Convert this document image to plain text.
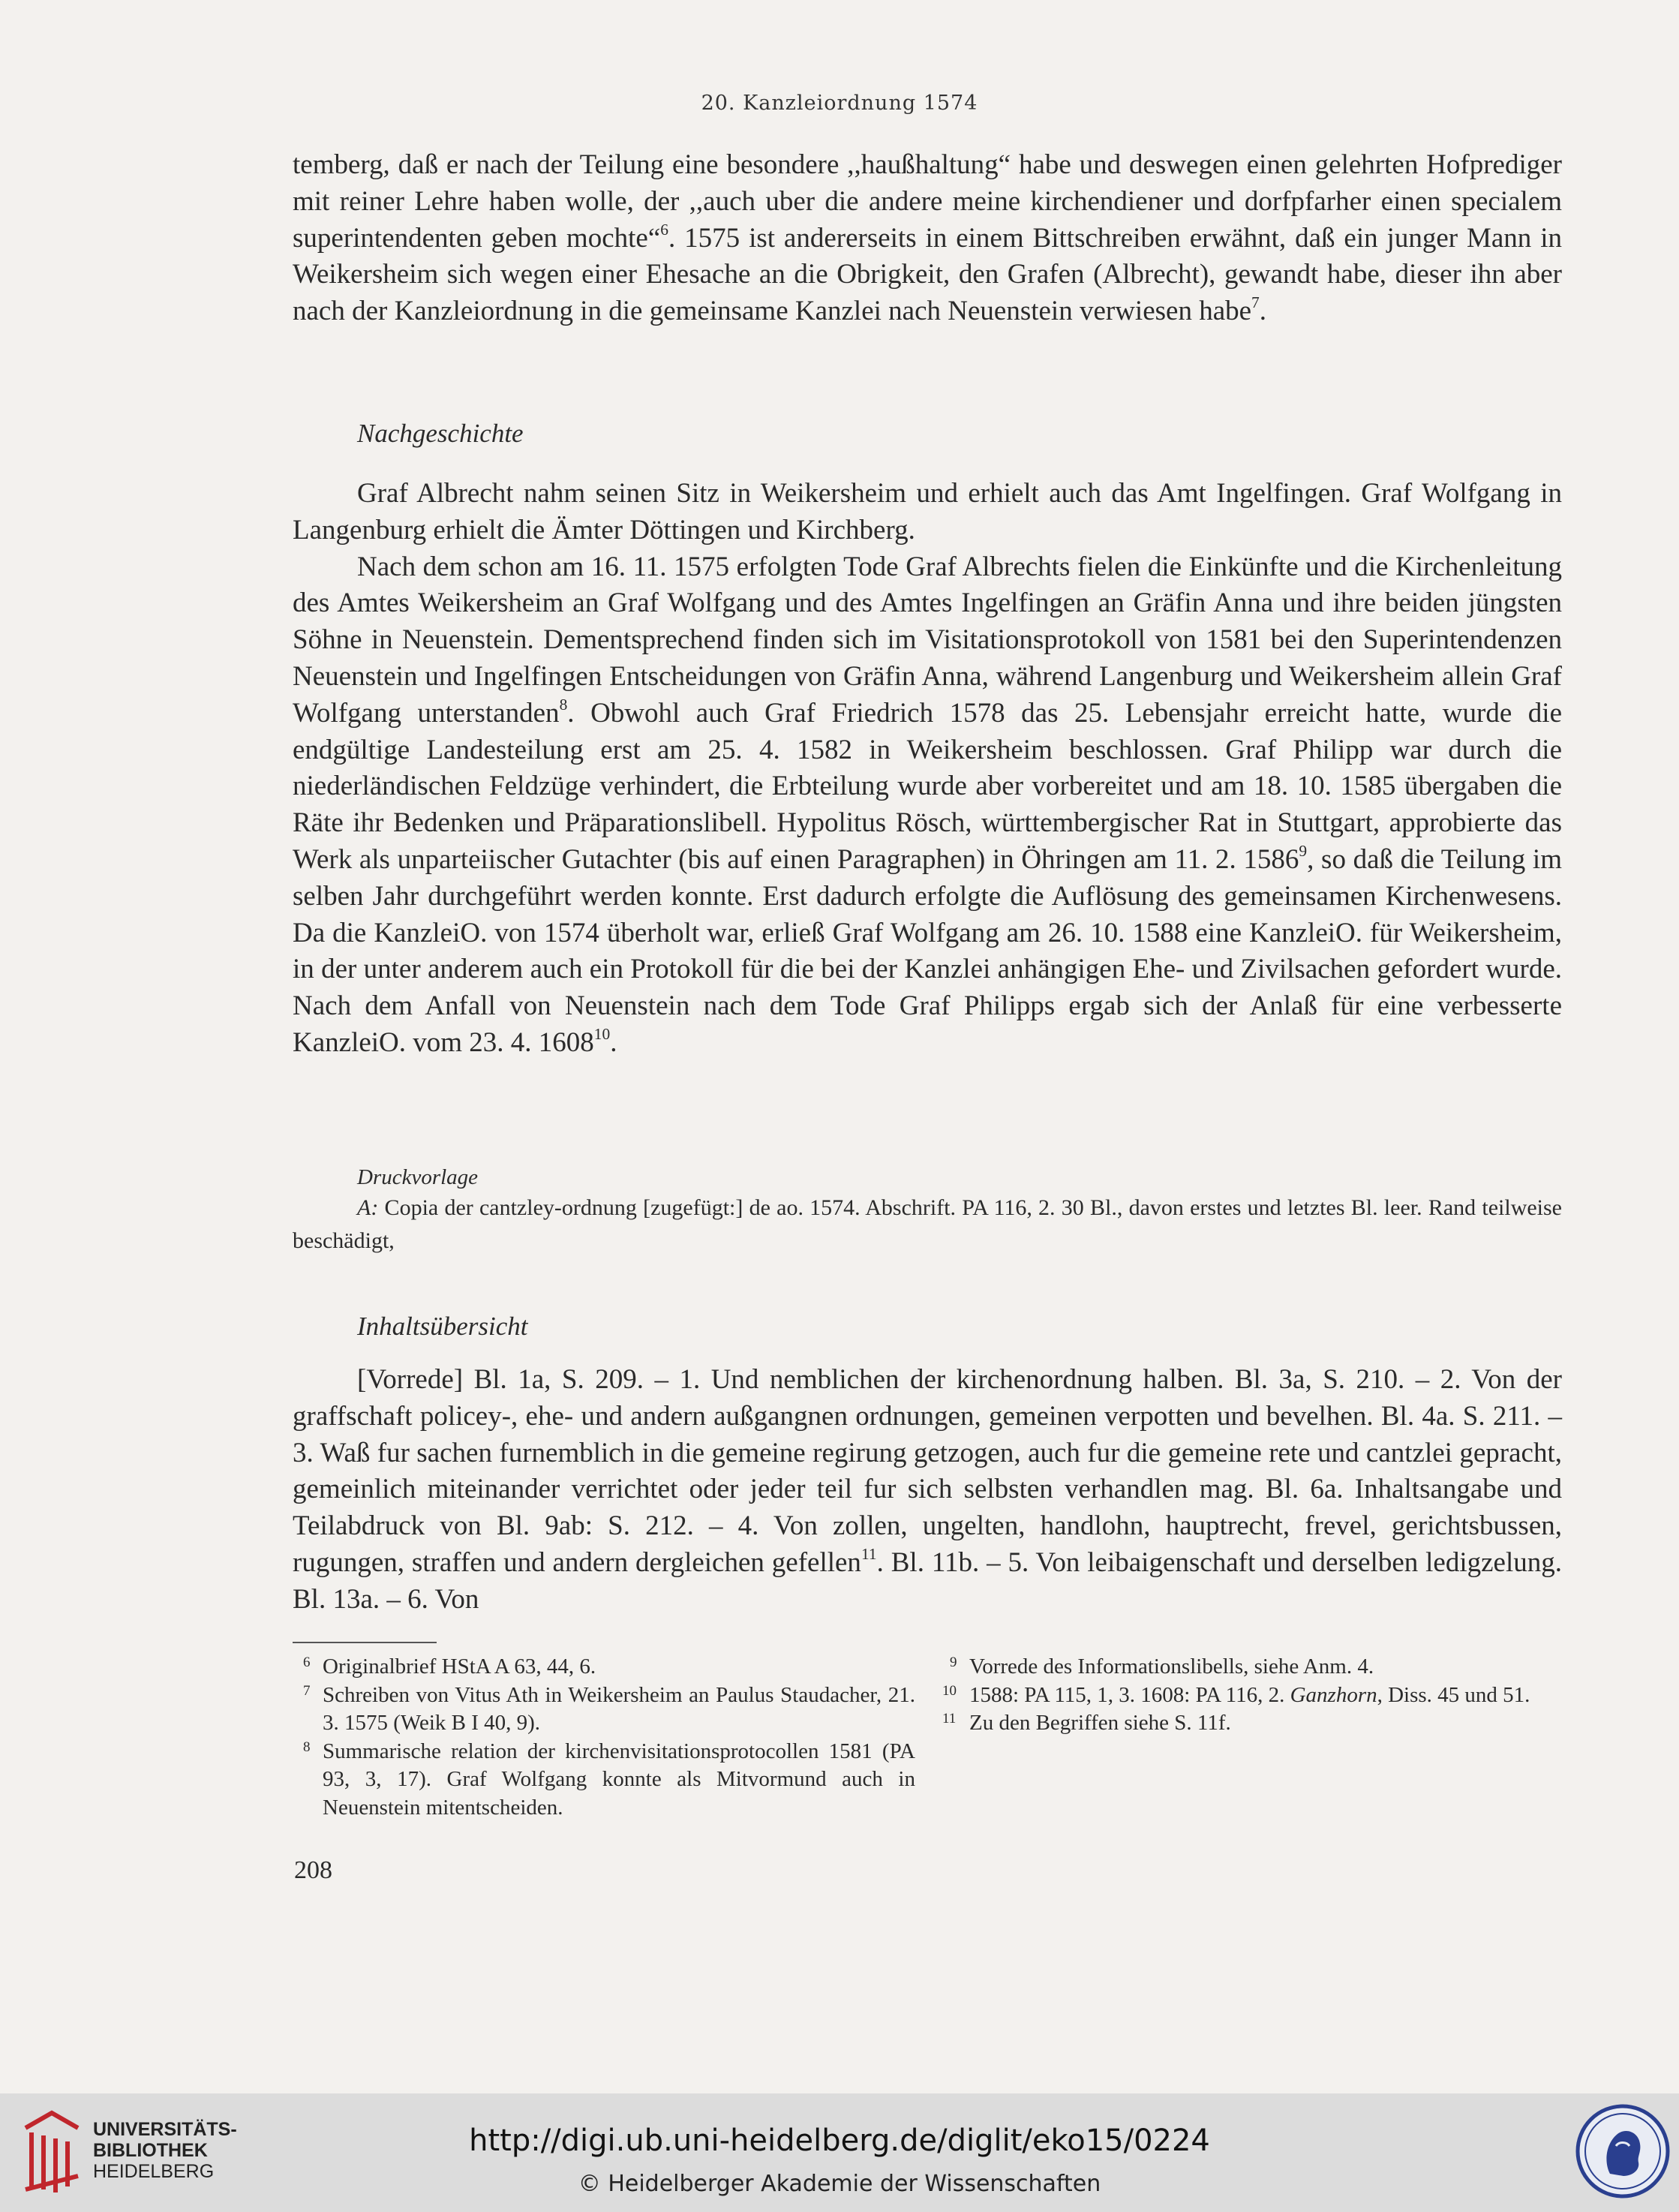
20. Kanzleiordnung 1574

temberg, daß er nach der Teilung eine besondere ,,haußhaltung“ habe und deswegen einen gelehrten Hofprediger mit reiner Lehre haben wolle, der ,,auch uber die andere meine kirchendiener und dorfpfarher einen specialem superintendenten geben mochte“$^6$. 1575 ist andererseits in einem Bittschreiben erwähnt, daß ein junger Mann in Weikersheim sich wegen einer Ehesache an die Obrigkeit, den Grafen (Albrecht), gewandt habe, dieser ihn aber nach der Kanzleiordnung in die gemeinsame Kanzlei nach Neuenstein verwiesen habe$^7$.

Nachgeschichte

Graf Albrecht nahm seinen Sitz in Weikersheim und erhielt auch das Amt Ingelfingen. Graf Wolfgang in Langenburg erhielt die Ämter Döttingen und Kirchberg.

Nach dem schon am 16. 11. 1575 erfolgten Tode Graf Albrechts fielen die Einkünfte und die Kirchenleitung des Amtes Weikersheim an Graf Wolfgang und des Amtes Ingelfingen an Gräfin Anna und ihre beiden jüngsten Söhne in Neuenstein. Dementsprechend finden sich im Visitationsprotokoll von 1581 bei den Superintendenzen Neuenstein und Ingelfingen Entscheidungen von Gräfin Anna, während Langenburg und Weikersheim allein Graf Wolfgang unterstanden$^8$. Obwohl auch Graf Friedrich 1578 das 25. Lebensjahr erreicht hatte, wurde die endgültige Landesteilung erst am 25. 4. 1582 in Weikersheim beschlossen. Graf Philipp war durch die niederländischen Feldzüge verhindert, die Erbteilung wurde aber vorbereitet und am 18. 10. 1585 übergaben die Räte ihr Bedenken und Präparationslibell. Hypolitus Rösch, württembergischer Rat in Stuttgart, approbierte das Werk als unparteiischer Gutachter (bis auf einen Paragraphen) in Öhringen am 11. 2. 1586$^9$, so daß die Teilung im selben Jahr durchgeführt werden konnte. Erst dadurch erfolgte die Auflösung des gemeinsamen Kirchenwesens. Da die KanzleiO. von 1574 überholt war, erließ Graf Wolfgang am 26. 10. 1588 eine KanzleiO. für Weikersheim, in der unter anderem auch ein Protokoll für die bei der Kanzlei anhängigen Ehe- und Zivilsachen gefordert wurde. Nach dem Anfall von Neuenstein nach dem Tode Graf Philipps ergab sich der Anlaß für eine verbesserte KanzleiO. vom 23. 4. 1608$^{10}$.

Druckvorlage

A: Copia der cantzley-ordnung [zugefügt:] de ao. 1574. Abschrift. PA 116, 2. 30 Bl., davon erstes und letztes Bl. leer. Rand teilweise beschädigt,

Inhaltsübersicht

[Vorrede] Bl. 1a, S. 209. – 1. Und nemblichen der kirchenordnung halben. Bl. 3a, S. 210. – 2. Von der graffschaft policey-, ehe- und andern außgangnen ordnungen, gemeinen verpotten und bevelhen. Bl. 4a. S. 211. – 3. Waß fur sachen furnemblich in die gemeine regirung getzogen, auch fur die gemeine rete und cantzlei gepracht, gemeinlich miteinander verrichtet oder jeder teil fur sich selbsten verhandlen mag. Bl. 6a. Inhaltsangabe und Teilabdruck von Bl. 9ab: S. 212. – 4. Von zollen, ungelten, handlohn, hauptrecht, frevel, gerichtsbussen, rugungen, straffen und andern dergleichen gefellen$^{11}$. Bl. 11b. – 5. Von leibaigenschaft und derselben ledigzelung. Bl. 13a. – 6. Von

6 Originalbrief HStA A 63, 44, 6.

7 Schreiben von Vitus Ath in Weikersheim an Paulus Staudacher, 21. 3. 1575 (Weik B I 40, 9).

8 Summarische relation der kirchenvisitationsprotocollen 1581 (PA 93, 3, 17). Graf Wolfgang konnte als Mitvormund auch in Neuenstein mitentscheiden.

9 Vorrede des Informationslibells, siehe Anm. 4.

10 1588: PA 115, 1, 3. 1608: PA 116, 2. Ganzhorn, Diss. 45 und 51.

11 Zu den Begriffen siehe S. 11f.

208
UNIVERSITÄTS-
BIBLIOTHEK
HEIDELBERG
http://digi.ub.uni-heidelberg.de/diglit/eko15/0224
© Heidelberger Akademie der Wissenschaften
